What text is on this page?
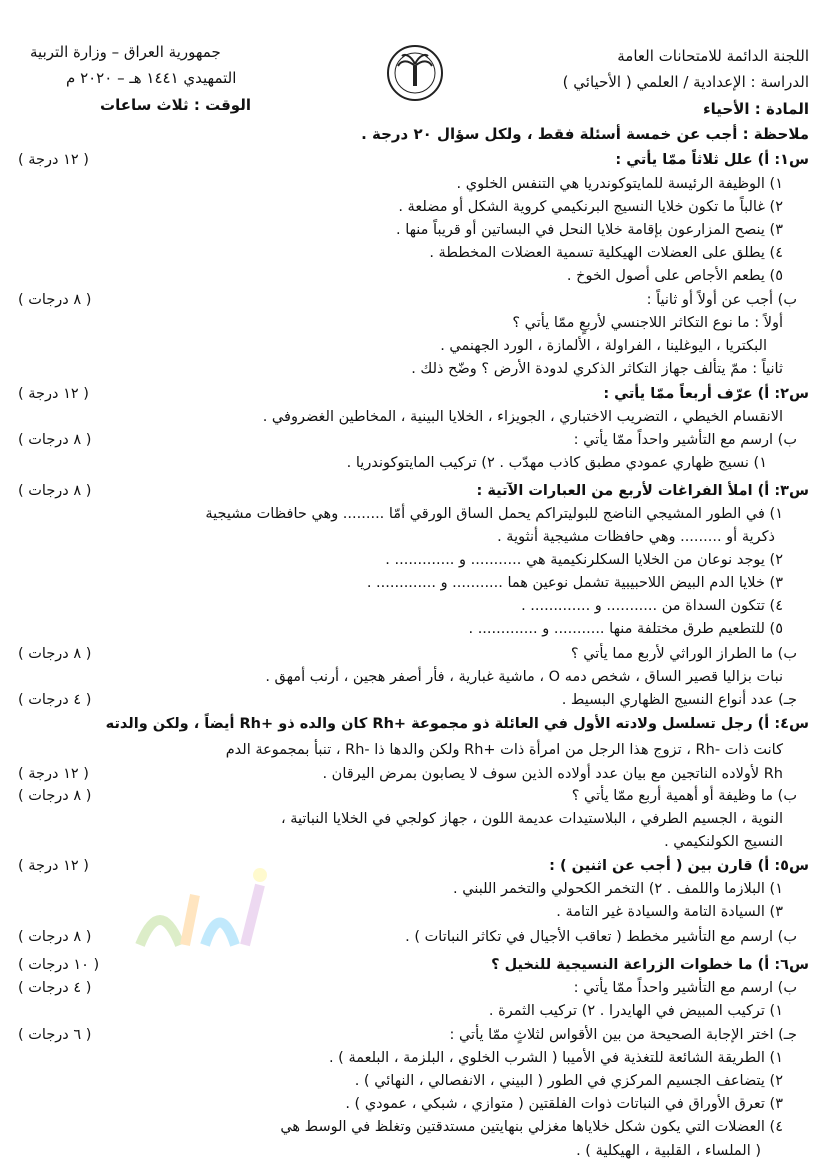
اللجنة الدائمة للامتحانات العامة
الدراسة : الإعدادية / العلمي ( الأحيائي )
المادة : الأحياء
جمهورية العراق – وزارة التربية
التمهيدي ١٤٤١ هـ – ٢٠٢٠ م
الوقت : ثلاث ساعات
ملاحظة : أجب عن خمسة أسئلة فقط ، ولكل سؤال ٢٠ درجة .
س١: أ) علل ثلاثاً ممّا يأتي :
( ١٢ درجة )
١) الوظيفة الرئيسة للمايتوكوندريا هي التنفس الخلوي .
٢) غالباً ما تكون خلايا النسيج البرنكيمي كروية الشكل أو مضلعة .
٣) ينصح المزارعون بإقامة خلايا النحل في البساتين أو قريباً منها .
٤) يطلق على العضلات الهيكلية تسمية العضلات المخططة .
٥) يطعم الأجاص على أصول الخوخ .
ب) أجب عن أولاً أو ثانياً :
( ٨ درجات )
أولاً : ما نوع التكاثر اللاجنسي لأربعٍ ممّا يأتي ؟
البكتريا ، اليوغلينا ، الفراولة ، الألمازة ، الورد الجهنمي .
ثانياً : ممّ يتألف جهاز التكاثر الذكري لدودة الأرض ؟ وضّح ذلك .
س٢: أ) عرّف أربعاً ممّا يأتي :
( ١٢ درجة )
الانقسام الخيطي ، التضريب الاختباري ، الجويزاء ، الخلايا البينية ، المخاطين الغضروفي .
ب) ارسم مع التأشير واحداً ممّا يأتي :
( ٨ درجات )
١) نسيج ظهاري عمودي مطبق كاذب مهدّب . ٢) تركيب المايتوكوندريا .
س٣: أ) املأ الفراغات لأربع من العبارات الآتية :
( ٨ درجات )
١) في الطور المشيجي الناضج للبوليتراكم يحمل الساق الورقي أمّا ......... وهي حافظات مشيجية
ذكرية أو ......... وهي حافظات مشيجية أنثوية .
٢) يوجد نوعان من الخلايا السكلرنكيمية هي ........... و ............. .
٣) خلايا الدم البيض اللاحبيبية تشمل نوعين هما ........... و ............. .
٤) تتكون السداة من ........... و ............. .
٥) للتطعيم طرق مختلفة منها ........... و ............. .
ب) ما الطراز الوراثي لأربع مما يأتي ؟
( ٨ درجات )
نبات بزاليا قصير الساق ، شخص دمه O ، ماشية غبارية ، فأر أصفر هجين ، أرنب أمهق .
جـ) عدد أنواع النسيج الظهاري البسيط .
( ٤ درجات )
س٤: أ) رجل تسلسل ولادته الأول في العائلة ذو مجموعة +Rh كان والده ذو +Rh أيضاً ، ولكن والدته
كانت ذات -Rh ، تزوج هذا الرجل من امرأة ذات +Rh ولكن والدها ذا -Rh ، تنبأ بمجموعة الدم
Rh لأولاده الناتجين مع بيان عدد أولاده الذين سوف لا يصابون بمرض اليرقان .
( ١٢ درجة )
ب) ما وظيفة أو أهمية أربع ممّا يأتي ؟
( ٨ درجات )
النوية ، الجسيم الطرفي ، البلاستيدات عديمة اللون ، جهاز كولجي في الخلايا النباتية ،
النسيج الكولنكيمي .
س٥: أ) قارن بين ( أجب عن اثنين ) :
( ١٢ درجة )
١) البلازما واللمف . ٢) التخمر الكحولي والتخمر اللبني .
٣) السيادة التامة والسيادة غير التامة .
ب) ارسم مع التأشير مخطط ( تعاقب الأجيال في تكاثر النباتات ) .
( ٨ درجات )
س٦: أ) ما خطوات الزراعة النسيجية للنخيل ؟
( ١٠ درجات )
ب) ارسم مع التأشير واحداً ممّا يأتي :
( ٤ درجات )
١) تركيب المبيض في الهايدرا . ٢) تركيب الثمرة .
جـ) اختر الإجابة الصحيحة من بين الأقواس لثلاثٍ ممّا يأتي :
( ٦ درجات )
١) الطريقة الشائعة للتغذية في الأميبا ( الشرب الخلوي ، البلزمة ، البلعمة ) .
٢) يتضاعف الجسيم المركزي في الطور ( البيني ، الانفصالي ، النهائي ) .
٣) تعرق الأوراق في النباتات ذوات الفلقتين ( متوازي ، شبكي ، عمودي ) .
٤) العضلات التي يكون شكل خلاياها مغزلي بنهايتين مستدقتين وتغلظ في الوسط هي
( الملساء ، القلبية ، الهيكلية ) .
